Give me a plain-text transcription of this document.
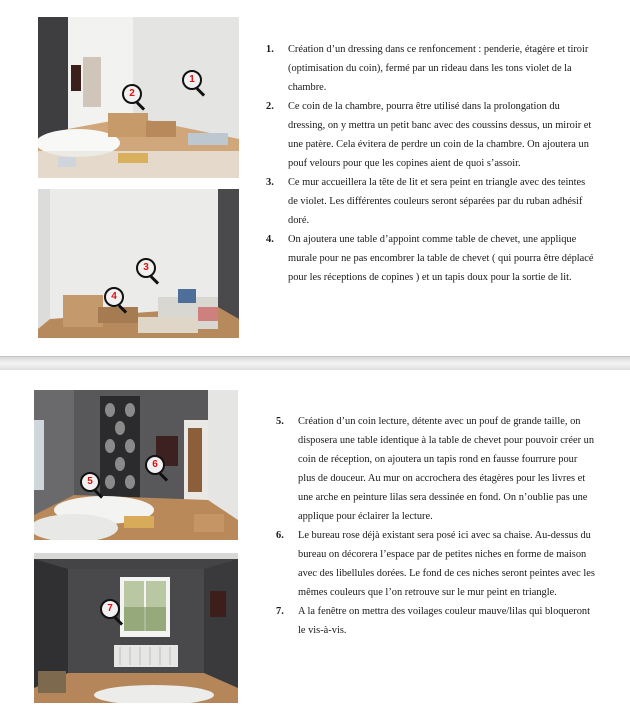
1
2
3
4
1. Création d’un dressing dans ce renfoncement : penderie, étagère et tiroir (optimisation du coin), fermé par un rideau dans les tons violet de la chambre.
2. Ce coin de la chambre, pourra être utilisé dans la prolongation du dressing, on y mettra un petit banc avec des coussins dessus, un miroir et une patère. Cela évitera de perdre un coin de la chambre. On ajoutera un pouf velours pour que les copines aient de quoi s’assoir.
3. Ce mur accueillera la tête de lit et sera peint en triangle avec des teintes de violet. Les différentes couleurs seront séparées par du ruban adhésif doré.
4. On ajoutera une table d’appoint comme table de chevet, une applique murale pour ne pas encombrer la table de chevet ( qui pourra être déplacé pour les réceptions de copines ) et un tapis doux pour la sortie de lit.
5
6
7
5. Création d’un coin lecture, détente avec un pouf de grande taille, on disposera une table identique à la table de chevet pour pouvoir créer un coin de réception, on ajoutera un tapis rond en fausse fourrure pour plus de douceur. Au mur on accrochera des étagères pour les livres et une arche en peinture lilas sera dessinée en fond. On n’oublie pas une applique pour éclairer la lecture.
6. Le bureau rose déjà existant sera posé ici avec sa chaise. Au-dessus du bureau on décorera l’espace par de petites niches en forme de maison avec des libellules dorées. Le fond de ces niches seront peintes avec les mêmes couleurs que l’on retrouve sur le mur peint en triangle.
7. A la fenêtre on mettra des voilages couleur mauve/lilas qui bloqueront le vis-à-vis.
